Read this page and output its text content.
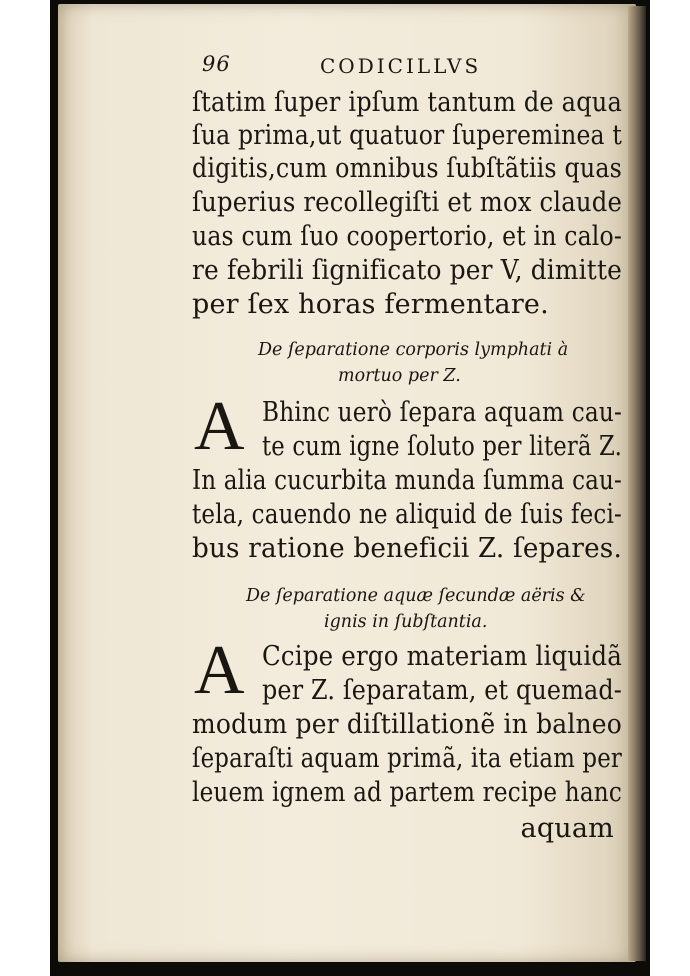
96	CODICILLVS
ſtatim ſuper ipſum tantum de aqua
ſua prima,ut quatuor ſupereminea t
digitis,cum omnibus ſubſtãtiis quas
ſuperius recollegiſti et mox claude
uas cum ſuo coopertorio, et in calo-
re febrili ſignificato per V, dimitte
per ſex horas fermentare.
De ſeparatione corporis lymphati à
mortuo per Z.
A Bhinc uerò ſepara aquam cau-
te cum igne ſoluto per literã Z.
In alia cucurbita munda ſumma cau-
tela, cauendo ne aliquid de ſuis feci-
bus ratione beneficii Z. ſepares.
De ſeparatione aquæ ſecundæ aëris &
ignis in ſubſtantia.
A Ccipe ergo materiam liquidã
per Z. ſeparatam, et quemad-
modum per diſtillationẽ in balneo
ſeparaſti aquam primã, ita etiam per
leuem ignem ad partem recipe hanc
aquam
